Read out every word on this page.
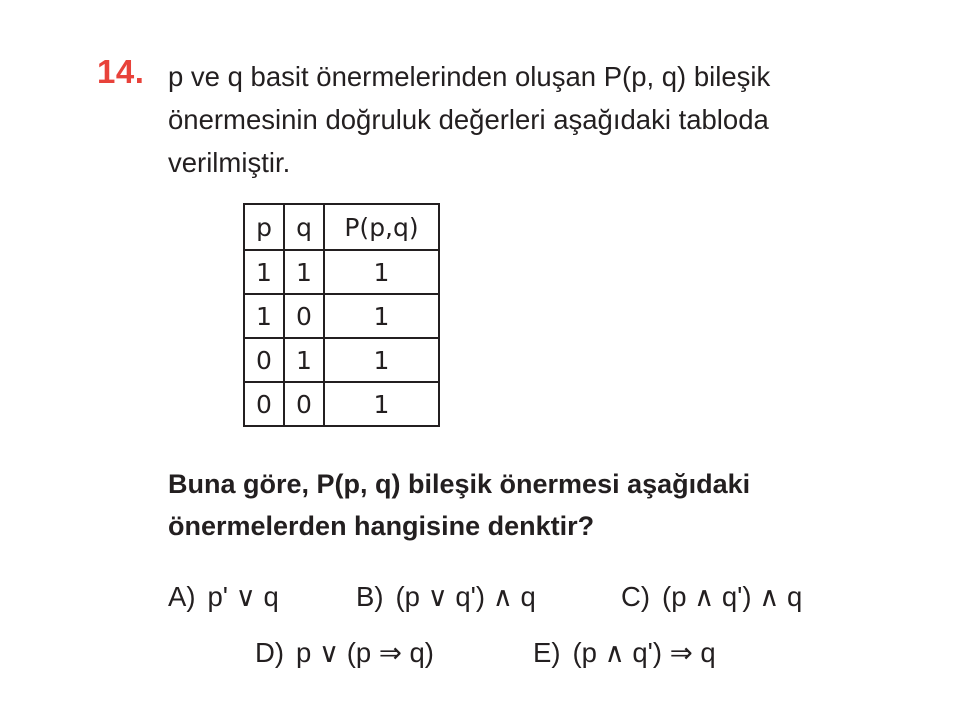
14. p ve q basit önermelerinden oluşan P(p, q) bileşik
önermesinin doğruluk değerleri aşağıdaki tabloda
verilmiştir.
p	q	P(p,q)
1	1	1
1	0	1
0	1	1
0	0	1
Buna göre, P(p, q) bileşik önermesi aşağıdaki
önermelerden hangisine denktir?
A) p' ∨ q	B) (p ∨ q') ∧ q	C) (p ∧ q') ∧ q
D) p ∨ (p ⇒ q)	E) (p ∧ q') ⇒ q
